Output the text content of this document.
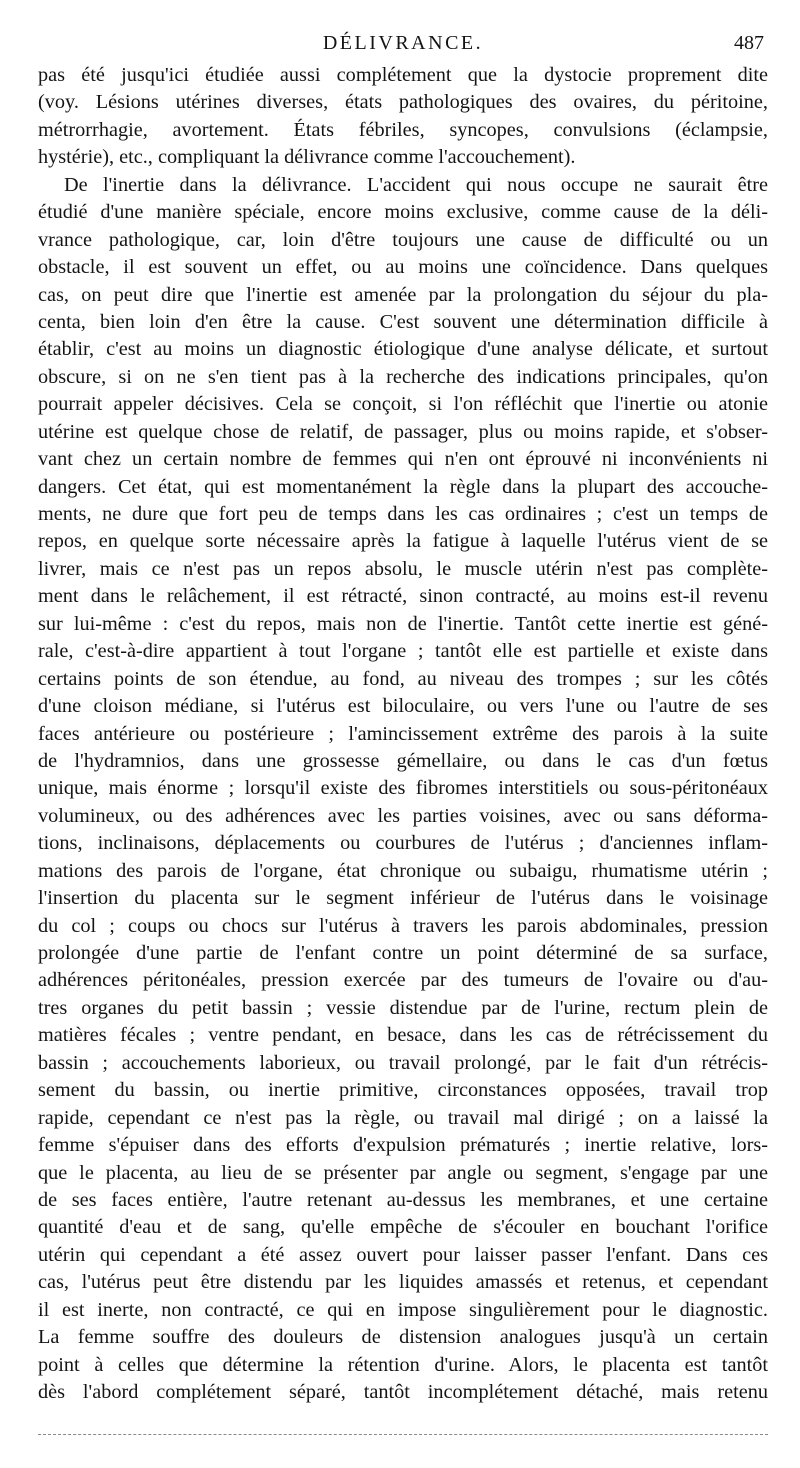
DÉLIVRANCE.	487
pas été jusqu'ici étudiée aussi complétement que la dystocie proprement dite
(voy. Lésions utérines diverses, états pathologiques des ovaires, du péritoine,
métrorrhagie, avortement. États fébriles, syncopes, convulsions (éclampsie,
hystérie), etc., compliquant la délivrance comme l'accouchement).
De l'inertie dans la délivrance. L'accident qui nous occupe ne saurait être
étudié d'une manière spéciale, encore moins exclusive, comme cause de la déli-
vrance pathologique, car, loin d'être toujours une cause de difficulté ou un
obstacle, il est souvent un effet, ou au moins une coïncidence. Dans quelques
cas, on peut dire que l'inertie est amenée par la prolongation du séjour du pla-
centa, bien loin d'en être la cause. C'est souvent une détermination difficile à
établir, c'est au moins un diagnostic étiologique d'une analyse délicate, et surtout
obscure, si on ne s'en tient pas à la recherche des indications principales, qu'on
pourrait appeler décisives. Cela se conçoit, si l'on réfléchit que l'inertie ou atonie
utérine est quelque chose de relatif, de passager, plus ou moins rapide, et s'obser-
vant chez un certain nombre de femmes qui n'en ont éprouvé ni inconvénients ni
dangers. Cet état, qui est momentanément la règle dans la plupart des accouche-
ments, ne dure que fort peu de temps dans les cas ordinaires ; c'est un temps de
repos, en quelque sorte nécessaire après la fatigue à laquelle l'utérus vient de se
livrer, mais ce n'est pas un repos absolu, le muscle utérin n'est pas complète-
ment dans le relâchement, il est rétracté, sinon contracté, au moins est-il revenu
sur lui-même : c'est du repos, mais non de l'inertie. Tantôt cette inertie est géné-
rale, c'est-à-dire appartient à tout l'organe ; tantôt elle est partielle et existe dans
certains points de son étendue, au fond, au niveau des trompes ; sur les côtés
d'une cloison médiane, si l'utérus est biloculaire, ou vers l'une ou l'autre de ses
faces antérieure ou postérieure ; l'amincissement extrême des parois à la suite
de l'hydramnios, dans une grossesse gémellaire, ou dans le cas d'un fœtus
unique, mais énorme ; lorsqu'il existe des fibromes interstitiels ou sous-péritonéaux
volumineux, ou des adhérences avec les parties voisines, avec ou sans déforma-
tions, inclinaisons, déplacements ou courbures de l'utérus ; d'anciennes inflam-
mations des parois de l'organe, état chronique ou subaigu, rhumatisme utérin ;
l'insertion du placenta sur le segment inférieur de l'utérus dans le voisinage
du col ; coups ou chocs sur l'utérus à travers les parois abdominales, pression
prolongée d'une partie de l'enfant contre un point déterminé de sa surface,
adhérences péritonéales, pression exercée par des tumeurs de l'ovaire ou d'au-
tres organes du petit bassin ; vessie distendue par de l'urine, rectum plein de
matières fécales ; ventre pendant, en besace, dans les cas de rétrécissement du
bassin ; accouchements laborieux, ou travail prolongé, par le fait d'un rétrécis-
sement du bassin, ou inertie primitive, circonstances opposées, travail trop
rapide, cependant ce n'est pas la règle, ou travail mal dirigé ; on a laissé la
femme s'épuiser dans des efforts d'expulsion prématurés ; inertie relative, lors-
que le placenta, au lieu de se présenter par angle ou segment, s'engage par une
de ses faces entière, l'autre retenant au-dessus les membranes, et une certaine
quantité d'eau et de sang, qu'elle empêche de s'écouler en bouchant l'orifice
utérin qui cependant a été assez ouvert pour laisser passer l'enfant. Dans ces
cas, l'utérus peut être distendu par les liquides amassés et retenus, et cependant
il est inerte, non contracté, ce qui en impose singulièrement pour le diagnostic.
La femme souffre des douleurs de distension analogues jusqu'à un certain
point à celles que détermine la rétention d'urine. Alors, le placenta est tantôt
dès l'abord complétement séparé, tantôt incomplétement détaché, mais retenu
